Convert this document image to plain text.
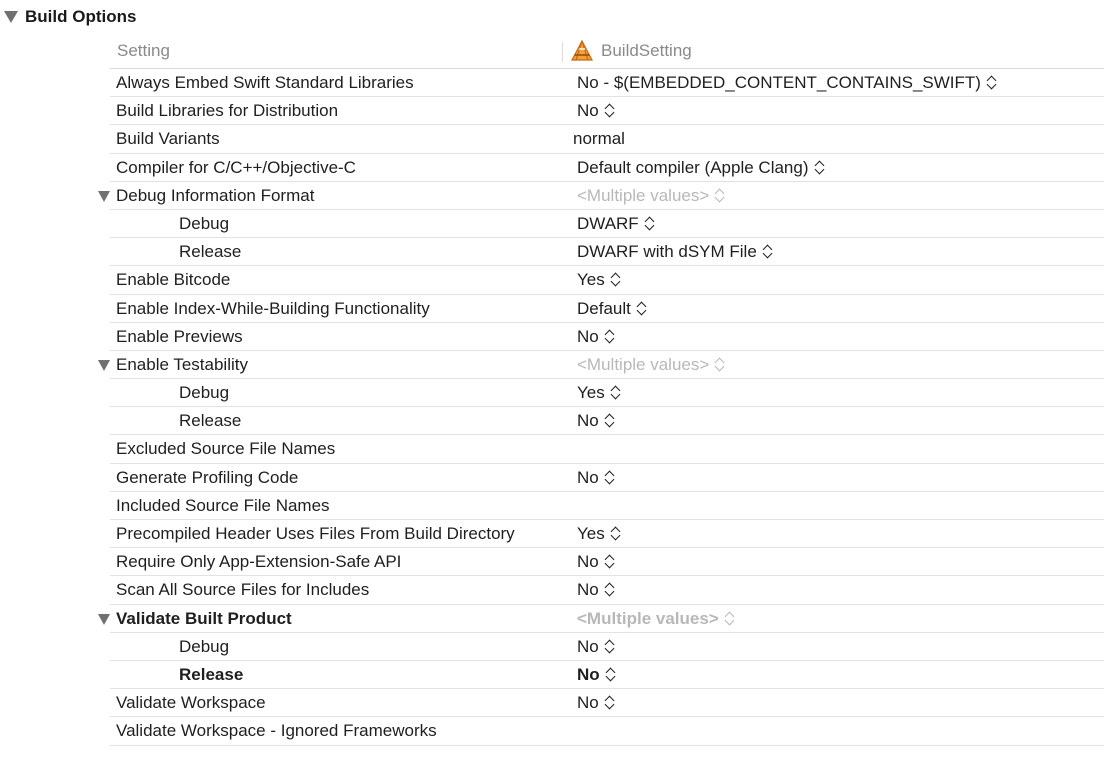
Build Options
Setting	BuildSetting
Always Embed Swift Standard Libraries	No - $(EMBEDDED_CONTENT_CONTAINS_SWIFT)
Build Libraries for Distribution	No
Build Variants	normal
Compiler for C/C++/Objective-C	Default compiler (Apple Clang)
Debug Information Format	<Multiple values>
Debug	DWARF
Release	DWARF with dSYM File
Enable Bitcode	Yes
Enable Index-While-Building Functionality	Default
Enable Previews	No
Enable Testability	<Multiple values>
Debug	Yes
Release	No
Excluded Source File Names
Generate Profiling Code	No
Included Source File Names
Precompiled Header Uses Files From Build Directory	Yes
Require Only App-Extension-Safe API	No
Scan All Source Files for Includes	No
Validate Built Product	<Multiple values>
Debug	No
Release	No
Validate Workspace	No
Validate Workspace - Ignored Frameworks
